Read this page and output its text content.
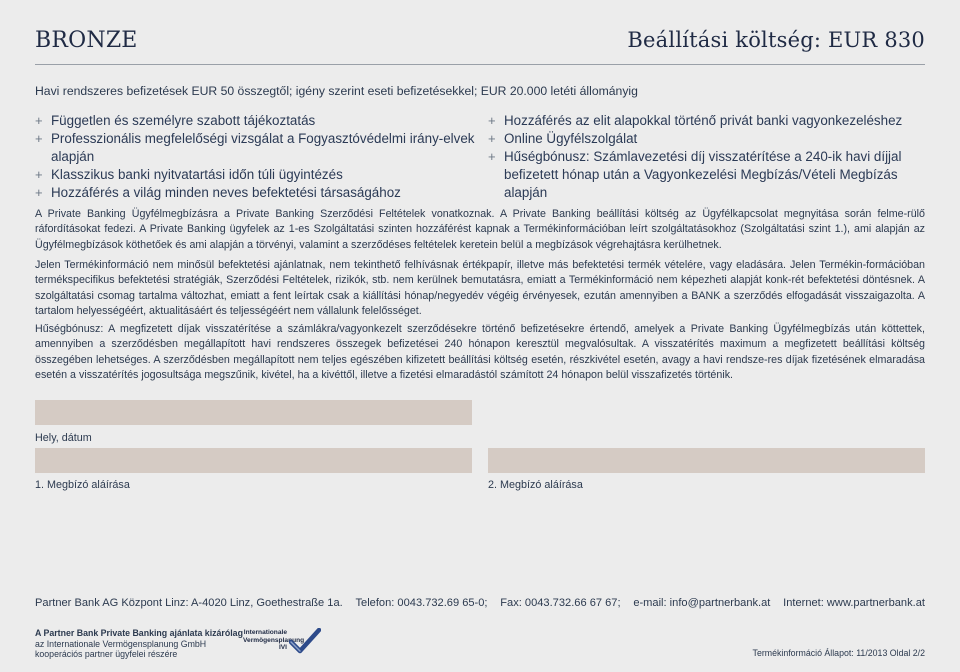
BRONZE	Beállítási költség: EUR 830
Havi rendszeres befizetések EUR 50 összegtől; igény szerint eseti befizetésekkel; EUR 20.000 letéti állományig
+ Független és személyre szabott tájékoztatás
+ Professzionális megfelelőségi vizsgálat a Fogyasztóvédelmi irány-elvek alapján
+ Klasszikus banki nyitvatartási időn túli ügyintézés
+ Hozzáférés a világ minden neves befektetési társaságához
+ Hozzáférés az elit alapokkal történő privát banki vagyonkezeléshez
+ Online Ügyfélszolgálat
+ Hűségbónusz: Számlavezetési díj visszatérítése a 240-ik havi díjjal befizetett hónap után a Vagyonkezelési Megbízás/Vételi Megbízás alapján

A Private Banking Ügyfélmegbízásra a Private Banking Szerződési Feltételek vonatkoznak. A Private Banking beállítási költség az Ügyfélkapcsolat megnyitása során felme-rülő ráfordításokat fedezi. A Private Banking ügyfelek az 1-es Szolgáltatási szinten hozzáférést kapnak a Termékinformációban leírt szolgáltatásokhoz (Szolgáltatási szint 1.), ami alapján az Ügyfélmegbízások köthetőek és ami alapján a törvényi, valamint a szerződéses feltételek keretein belül a megbízások végrehajtásra kerülhetnek.

Jelen Termékinformáció nem minősül befektetési ajánlatnak, nem tekinthető felhívásnak értékpapír, illetve más befektetési termék vételére, vagy eladására. Jelen Termékin-formációban termékspecifikus befektetési stratégiák, Szerződési Feltételek, rizikók, stb. nem kerülnek bemutatásra, emiatt a Termékinformáció nem képezheti alapját konk-rét befektetési döntésnek. A szolgáltatási csomag tartalma változhat, emiatt a fent leírtak csak a kiállítási hónap/negyedév végéig érvényesek, ezután amennyiben a BANK a szerződés elfogadását visszaigazolta. A tartalom helyességéért, aktualitásáért és teljességéért nem vállalunk felelősséget.

Hűségbónusz: A megfizetett díjak visszatérítése a számlákra/vagyonkezelt szerződésekre történő befizetésekre értendő, amelyek a Private Banking Ügyfélmegbízás után köttettek, amennyiben a szerződésben megállapított havi rendszeres összegek befizetései 240 hónapon keresztül megvalósultak. A visszatérítés maximum a megfizetett beállítási költség összegében lehetséges. A szerződésben megállapított nem teljes egészében kifizetett beállítási költség esetén, részkivétel esetén, avagy a havi rendsze-res díjak fizetésének elmaradása esetén a visszatérítés jogosultsága megszűnik, kivétel, ha a kivéttől, illetve a fizetési elmaradástól számított 24 hónapon belül visszafizetés történik.

Hely, dátum
1. Megbízó aláírása	2. Megbízó aláírása
Partner Bank AG Központ Linz: A-4020 Linz, Goethestraße 1a. Telefon: 0043.732.69 65-0; Fax: 0043.732.66 67 67; e-mail: info@partnerbank.at Internet: www.partnerbank.at
A Partner Bank Private Banking ajánlata kizárólag
az Internationale Vermögensplanung GmbH
kooperációs partner ügyfelei részére
Internationale
Vermögensplanung
IVI
Termékinformáció Állapot: 11/2013 Oldal 2/2
